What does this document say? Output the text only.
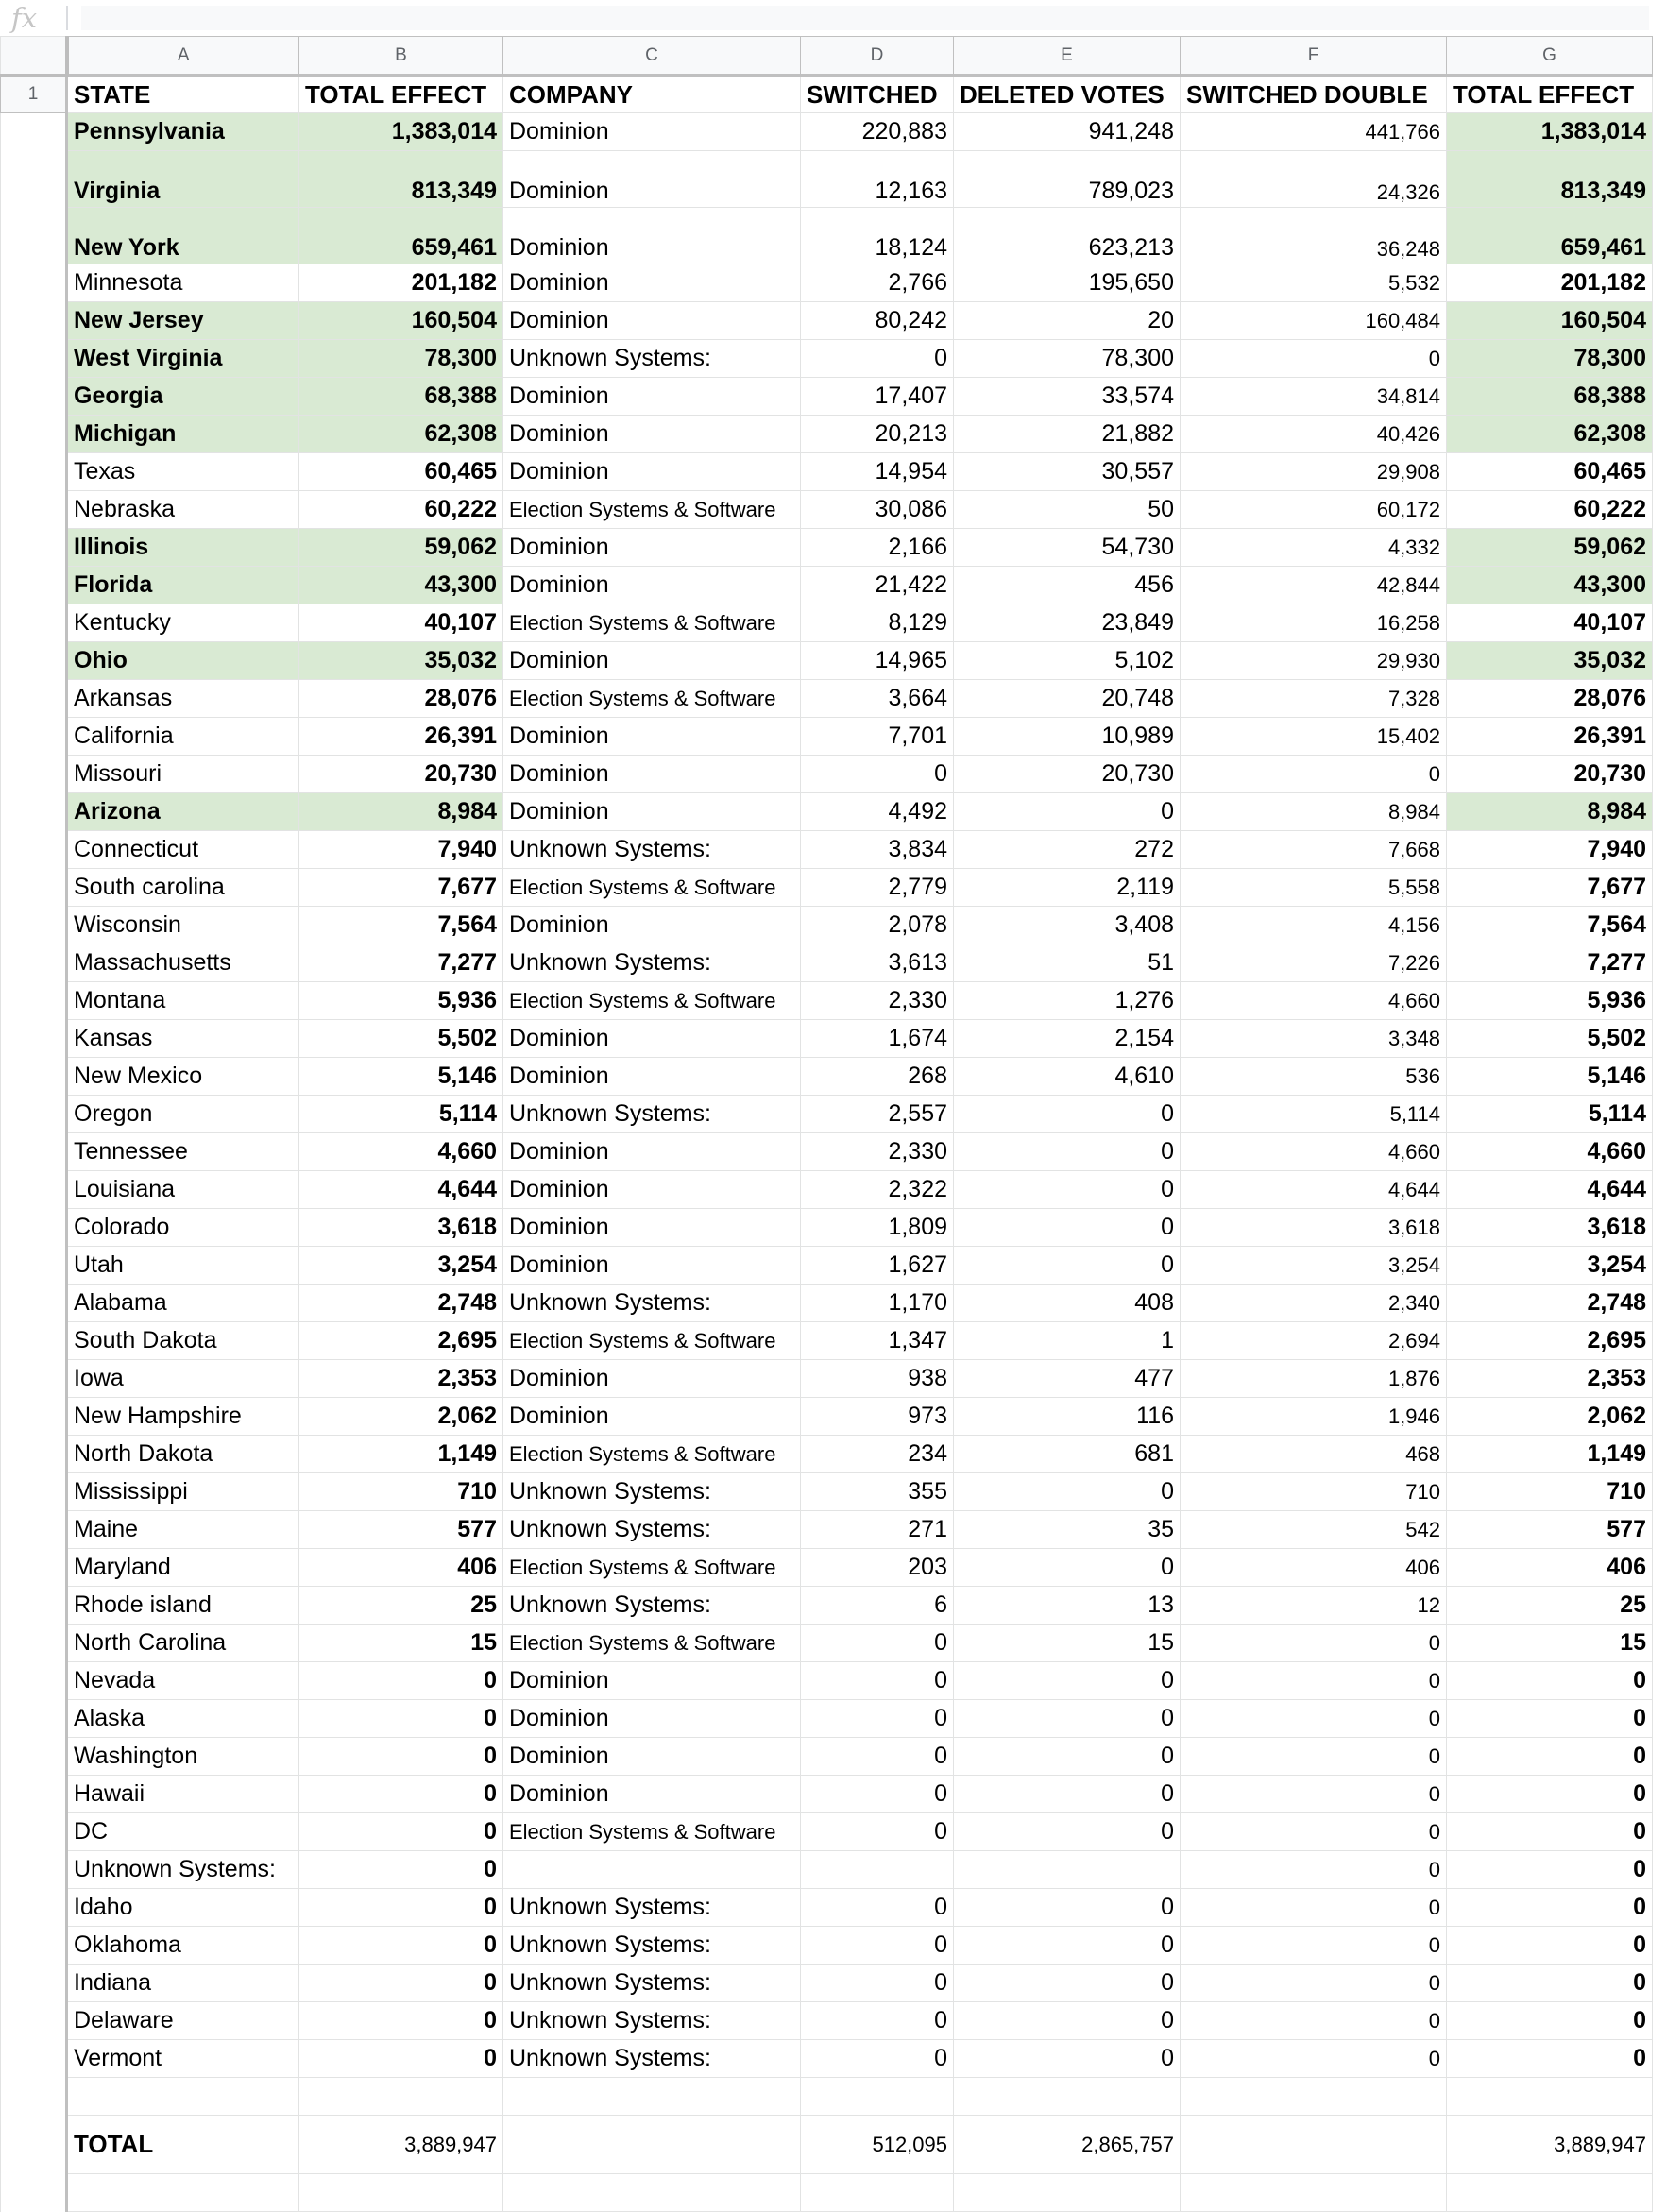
fx
	A	B	C	D	E	F	G
1	STATE	TOTAL EFFECT	COMPANY	SWITCHED	DELETED VOTES	SWITCHED DOUBLE	TOTAL EFFECT
	Pennsylvania	1,383,014	Dominion	220,883	941,248	441,766	1,383,014
	Virginia	813,349	Dominion	12,163	789,023	24,326	813,349
	New York	659,461	Dominion	18,124	623,213	36,248	659,461
	Minnesota	201,182	Dominion	2,766	195,650	5,532	201,182
	New Jersey	160,504	Dominion	80,242	20	160,484	160,504
	West Virginia	78,300	Unknown Systems:	0	78,300	0	78,300
	Georgia	68,388	Dominion	17,407	33,574	34,814	68,388
	Michigan	62,308	Dominion	20,213	21,882	40,426	62,308
	Texas	60,465	Dominion	14,954	30,557	29,908	60,465
	Nebraska	60,222	Election Systems & Software	30,086	50	60,172	60,222
	Illinois	59,062	Dominion	2,166	54,730	4,332	59,062
	Florida	43,300	Dominion	21,422	456	42,844	43,300
	Kentucky	40,107	Election Systems & Software	8,129	23,849	16,258	40,107
	Ohio	35,032	Dominion	14,965	5,102	29,930	35,032
	Arkansas	28,076	Election Systems & Software	3,664	20,748	7,328	28,076
	California	26,391	Dominion	7,701	10,989	15,402	26,391
	Missouri	20,730	Dominion	0	20,730	0	20,730
	Arizona	8,984	Dominion	4,492	0	8,984	8,984
	Connecticut	7,940	Unknown Systems:	3,834	272	7,668	7,940
	South carolina	7,677	Election Systems & Software	2,779	2,119	5,558	7,677
	Wisconsin	7,564	Dominion	2,078	3,408	4,156	7,564
	Massachusetts	7,277	Unknown Systems:	3,613	51	7,226	7,277
	Montana	5,936	Election Systems & Software	2,330	1,276	4,660	5,936
	Kansas	5,502	Dominion	1,674	2,154	3,348	5,502
	New Mexico	5,146	Dominion	268	4,610	536	5,146
	Oregon	5,114	Unknown Systems:	2,557	0	5,114	5,114
	Tennessee	4,660	Dominion	2,330	0	4,660	4,660
	Louisiana	4,644	Dominion	2,322	0	4,644	4,644
	Colorado	3,618	Dominion	1,809	0	3,618	3,618
	Utah	3,254	Dominion	1,627	0	3,254	3,254
	Alabama	2,748	Unknown Systems:	1,170	408	2,340	2,748
	South Dakota	2,695	Election Systems & Software	1,347	1	2,694	2,695
	Iowa	2,353	Dominion	938	477	1,876	2,353
	New Hampshire	2,062	Dominion	973	116	1,946	2,062
	North Dakota	1,149	Election Systems & Software	234	681	468	1,149
	Mississippi	710	Unknown Systems:	355	0	710	710
	Maine	577	Unknown Systems:	271	35	542	577
	Maryland	406	Election Systems & Software	203	0	406	406
	Rhode island	25	Unknown Systems:	6	13	12	25
	North Carolina	15	Election Systems & Software	0	15	0	15
	Nevada	0	Dominion	0	0	0	0
	Alaska	0	Dominion	0	0	0	0
	Washington	0	Dominion	0	0	0	0
	Hawaii	0	Dominion	0	0	0	0
	DC	0	Election Systems & Software	0	0	0	0
	Unknown Systems:	0				0	0
	Idaho	0	Unknown Systems:	0	0	0	0
	Oklahoma	0	Unknown Systems:	0	0	0	0
	Indiana	0	Unknown Systems:	0	0	0	0
	Delaware	0	Unknown Systems:	0	0	0	0
	Vermont	0	Unknown Systems:	0	0	0	0

	TOTAL	3,889,947		512,095	2,865,757		3,889,947
